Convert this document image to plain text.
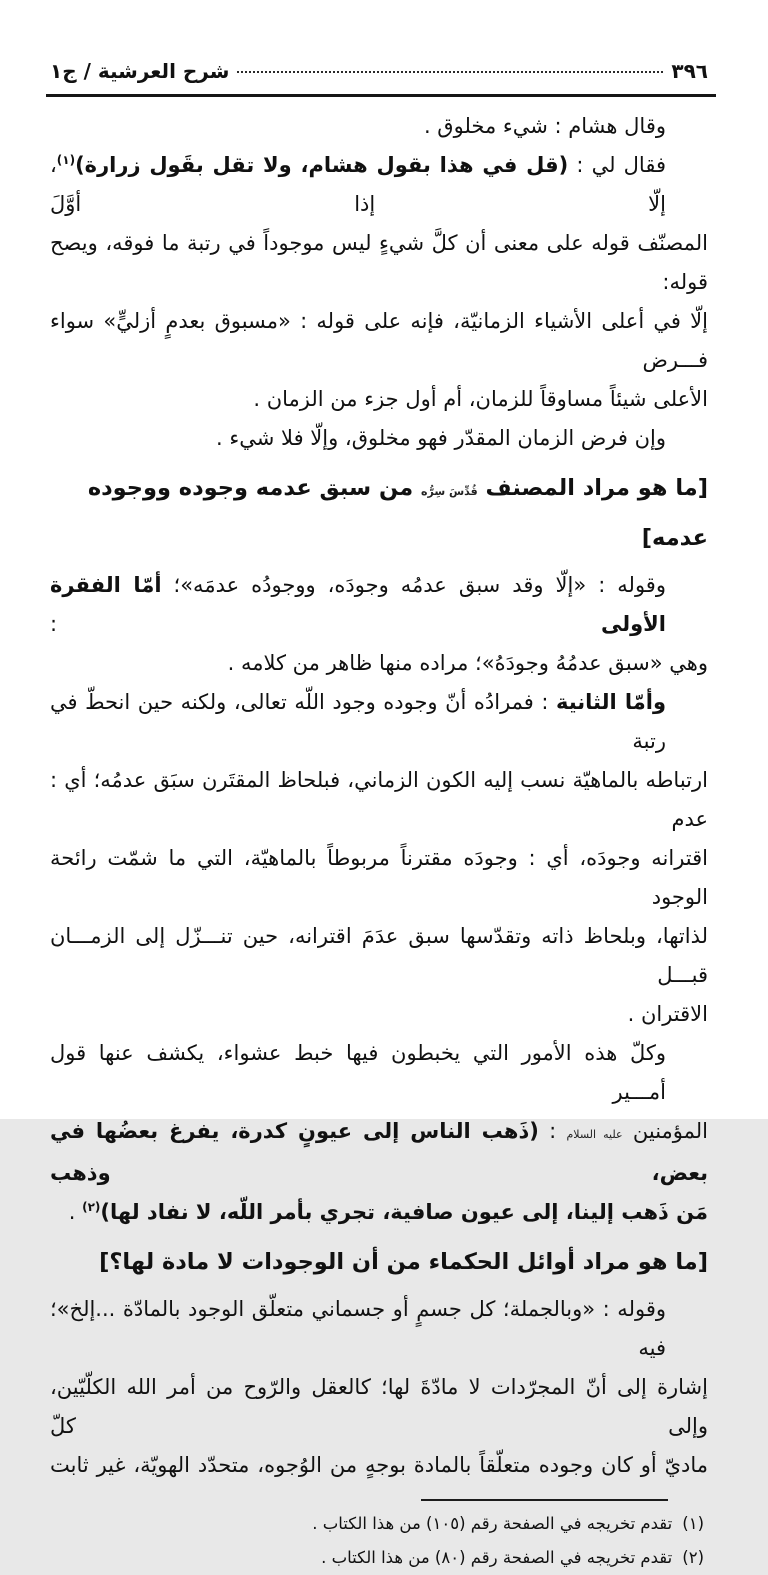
٣٩٦
شرح العرشية / ج١

وقال هشام : شيء مخلوق .

فقال لي : (قل في هذا بقول هشام، ولا تقل بقَول زرارة)$^{(١)}$، إلّا إذا أوَّلَ

المصنّف قوله على معنى أن كلَّ شيءٍ ليس موجوداً في رتبة ما فوقه، ويصح قوله:

إلّا في أعلى الأشياء الزمانيّة، فإنه على قوله : «مسبوق بعدمٍ أزليٍّ» سواء فـــرض

الأعلى شيئاً مساوقاً للزمان، أم أول جزء من الزمان .

وإن فرض الزمان المقدّر فهو مخلوق، وإلّا فلا شيء .

[ما هو مراد المصنف قُدِّسَ سِرُّه من سبق عدمه وجوده ووجوده عدمه]

وقوله : «إلّا وقد سبق عدمُه وجودَه، ووجودُه عدمَه»؛ أمّا الفقرة الأولى :

وهي «سبق عدمُهُ وجودَهُ»؛ مراده منها ظاهر من كلامه .

وأمّا الثانية : فمرادُه أنّ وجوده وجود اللّه تعالى، ولكنه حين انحطّ في رتبة

ارتباطه بالماهيّة نسب إليه الكون الزماني، فبلحاظ المقتَرن سبَق عدمُه؛ أي : عدم

اقترانه وجودَه، أي : وجودَه مقترناً مربوطاً بالماهيّة، التي ما شمّت رائحة الوجود

لذاتها، وبلحاظ ذاته وتقدّسها سبق عدَمَ اقترانه، حين تنـــزّل إلى الزمـــان قبـــل

الاقتران .

وكلّ هذه الأمور التي يخبطون فيها خبط عشواء، يكشف عنها قول أمـــير

المؤمنين عليه السلام : (ذَهب الناس إلى عيونٍ كدرة، يفرغ بعضُها في بعض، وذهب

مَن ذَهب إلينا، إلى عيون صافية، تجري بأمر اللّه، لا نفاد لها)$^{(٢)}$ .

[ما هو مراد أوائل الحكماء من أن الوجودات لا مادة لها؟]

وقوله : «وبالجملة؛ كل جسمٍ أو جسماني متعلّق الوجود بالمادّة ...إلخ»؛ فيه

إشارة إلى أنّ المجرّدات لا مادّةَ لها؛ كالعقل والرّوح من أمر الله الكلّيّين، وإلى كلّ

ماديّ أو كان وجوده متعلّقاً بالمادة بوجهٍ من الوُجوه، متحدّد الهويّة، غير ثابت

(١)
تقدم تخريجه في الصفحة رقم (١٠٥) من هذا الكتاب .

(٢)
تقدم تخريجه في الصفحة رقم (٨٠) من هذا الكتاب .
